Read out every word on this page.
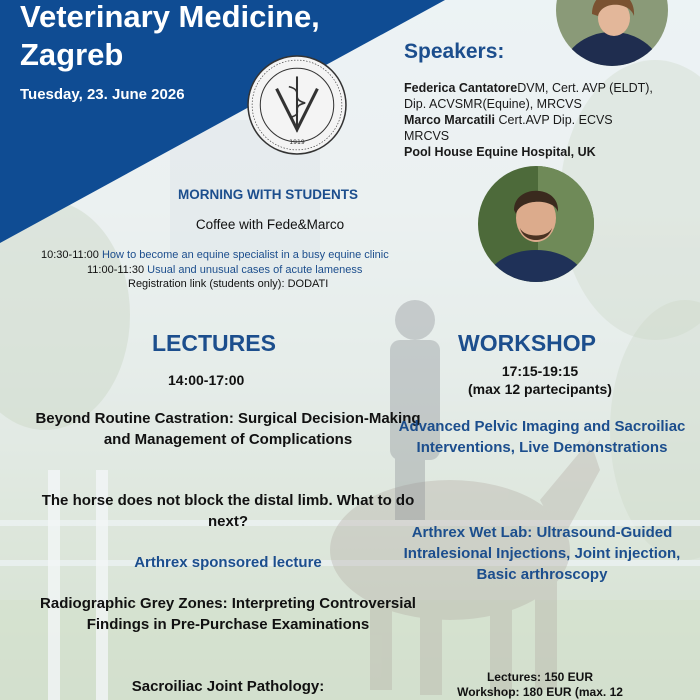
Veterinary Medicine,
Zagreb
Tuesday, 23. June 2026
1919
Speakers:
Federica CantatoreDVM, Cert. AVP (ELDT), Dip. ACVSMR(Equine), MRCVS
Marco Marcatili Cert.AVP Dip. ECVS MRCVS
Pool House Equine Hospital, UK
MORNING WITH STUDENTS
Coffee with Fede&Marco
10:30-11:00 How to become an equine specialist in a busy equine clinic
11:00-11:30 Usual and unusual cases of acute lameness
Registration link (students only): DODATI
LECTURES
14:00-17:00
Beyond Routine Castration: Surgical Decision-Making and Management of Complications
The horse does not block the distal limb. What to do next?
Arthrex sponsored lecture
Radiographic Grey Zones: Interpreting Controversial Findings in Pre-Purchase Examinations
Sacroiliac Joint Pathology:
WORKSHOP
17:15-19:15
(max 12 partecipants)
Advanced Pelvic Imaging and Sacroiliac Interventions, Live Demonstrations
Arthrex Wet Lab: Ultrasound-Guided Intralesional Injections, Joint injection, Basic arthroscopy
Lectures: 150 EUR
Workshop: 180 EUR (max. 12
